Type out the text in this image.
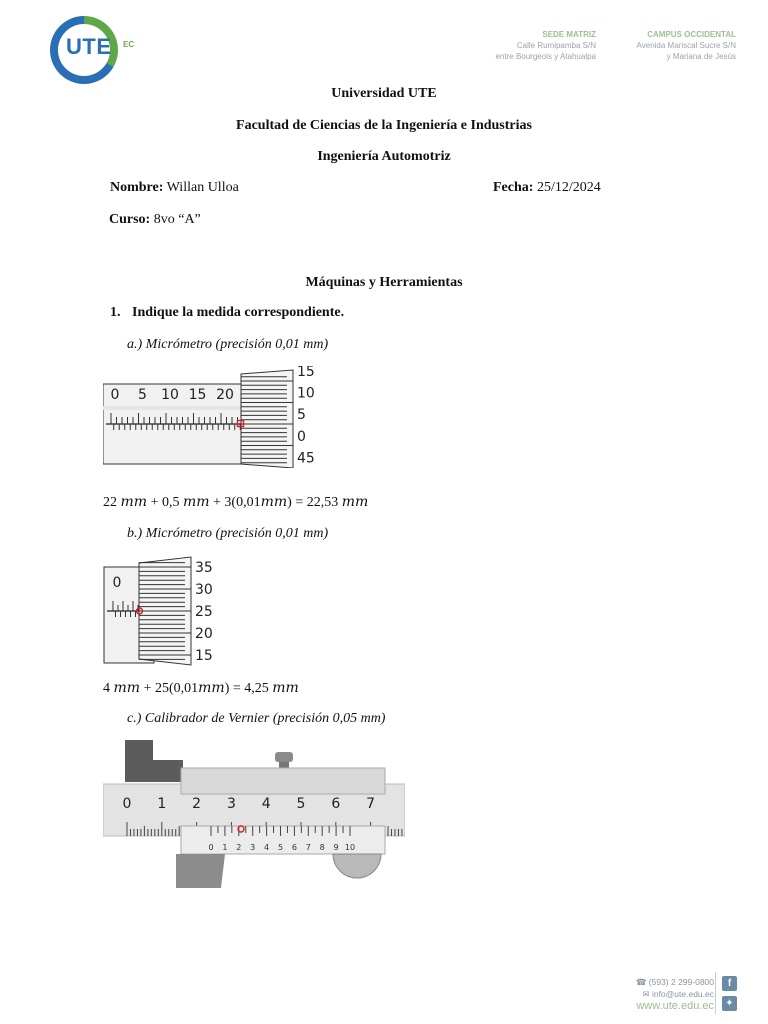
UTE EC
SEDE MATRIZ
Calle Rumipamba S/N
entre Bourgeois y Atahualpa
CAMPUS OCCIDENTAL
Avenida Mariscal Sucre S/N
y Mariana de Jesús
Universidad UTE
Facultad de Ciencias de la Ingeniería e Industrias
Ingeniería Automotriz
Nombre: Willan Ulloa	Fecha: 25/12/2024
Curso: 8vo “A”
Máquinas y Herramientas
1. Indique la medida correspondiente.
a.) Micrómetro (precisión 0,01 mm)
0 5 10 15 20
15
10
5
0
45
22 mm + 0,5 mm + 3(0,01mm) = 22,53 mm
b.) Micrómetro (precisión 0,01 mm)
0
35
30
25
20
15
4 mm + 25(0,01mm) = 4,25 mm
c.) Calibrador de Vernier (precisión 0,05 mm)
0 1 2 3 4 5 6 7
0 1 2 3 4 5 6 7 8 9 10
☎ (593) 2 299-0800
✉ info@ute.edu.ec
www.ute.edu.ec
f
✦
